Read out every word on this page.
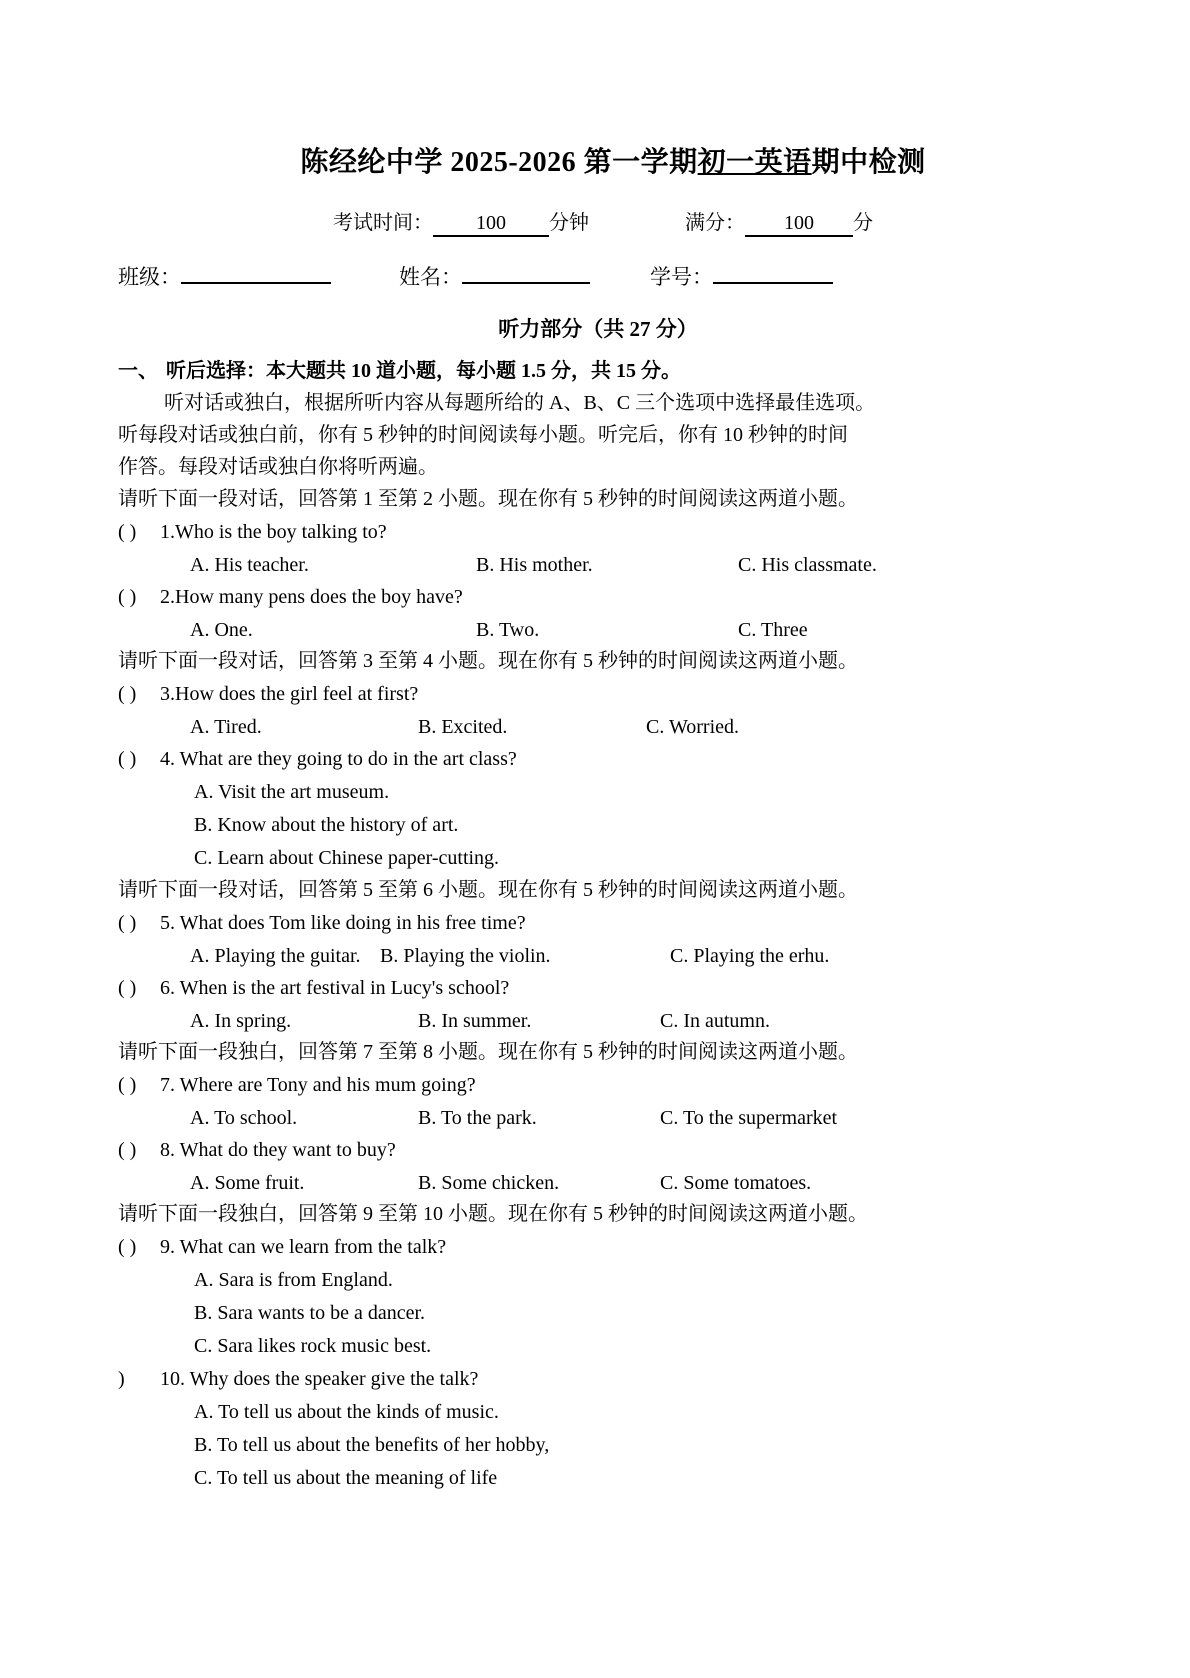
陈经纶中学 2025-2026 第一学期初一英语期中检测
考试时间： 100 分钟	满分： 100 分
班级：	姓名：	学号：
听力部分（共 27 分）
一、 听后选择：本大题共 10 道小题，每小题 1.5 分，共 15 分。
听对话或独白，根据所听内容从每题所给的 A、B、C 三个选项中选择最佳选项。
听每段对话或独白前，你有 5 秒钟的时间阅读每小题。听完后，你有 10 秒钟的时间
作答。每段对话或独白你将听两遍。
请听下面一段对话，回答第 1 至第 2 小题。现在你有 5 秒钟的时间阅读这两道小题。
( ) 1.Who is the boy talking to?
A. His teacher.	B. His mother.	C. His classmate.
( ) 2.How many pens does the boy have?
A. One.	B. Two.	C. Three
请听下面一段对话，回答第 3 至第 4 小题。现在你有 5 秒钟的时间阅读这两道小题。
( ) 3.How does the girl feel at first?
A. Tired.	B. Excited.	C. Worried.
( ) 4. What are they going to do in the art class?
A. Visit the art museum.
B. Know about the history of art.
C. Learn about Chinese paper-cutting.
请听下面一段对话，回答第 5 至第 6 小题。现在你有 5 秒钟的时间阅读这两道小题。
( ) 5. What does Tom like doing in his free time?
A. Playing the guitar. B. Playing the violin.	C. Playing the erhu.
( ) 6. When is the art festival in Lucy's school?
A. In spring.	B. In summer.	C. In autumn.
请听下面一段独白，回答第 7 至第 8 小题。现在你有 5 秒钟的时间阅读这两道小题。
( ) 7. Where are Tony and his mum going?
A. To school.	B. To the park.	C. To the supermarket
( ) 8. What do they want to buy?
A. Some fruit.	B. Some chicken.	C. Some tomatoes.
请听下面一段独白，回答第 9 至第 10 小题。现在你有 5 秒钟的时间阅读这两道小题。
( ) 9. What can we learn from the talk?
A. Sara is from England.
B. Sara wants to be a dancer.
C. Sara likes rock music best.
) 10. Why does the speaker give the talk?
A. To tell us about the kinds of music.
B. To tell us about the benefits of her hobby,
C. To tell us about the meaning of life
